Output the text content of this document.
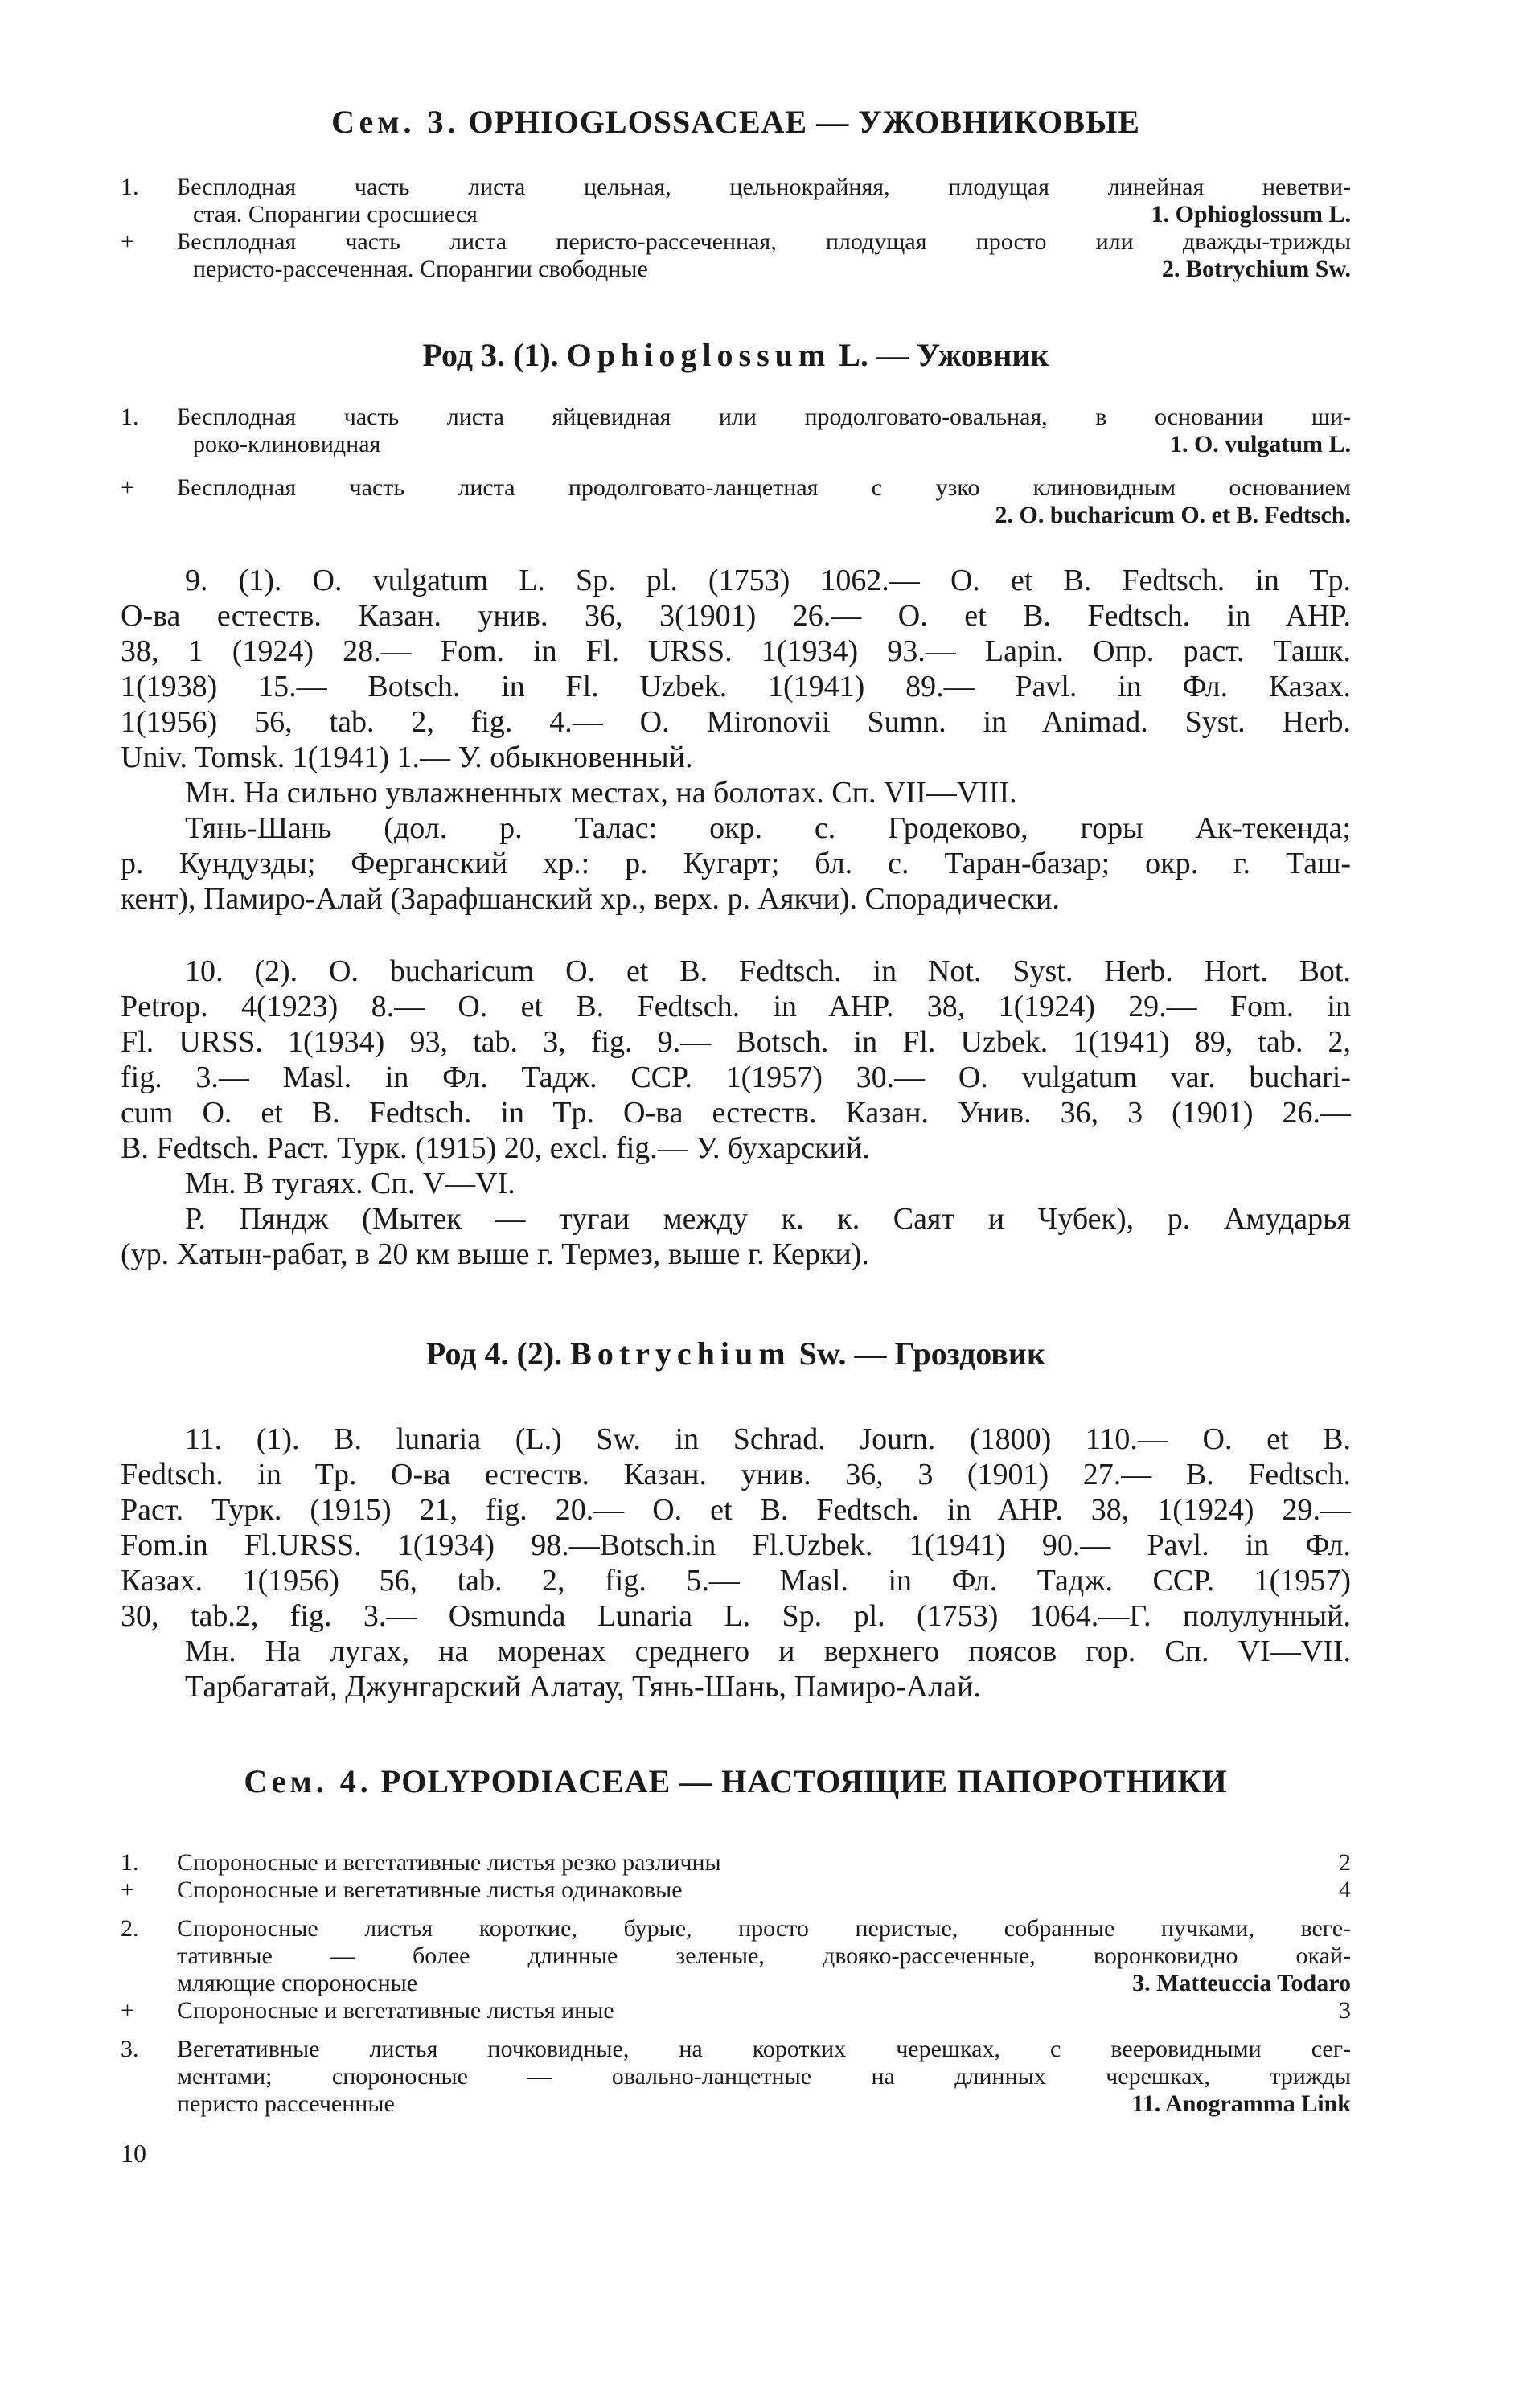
Сем. 3. OPHIOGLOSSACEAE — УЖОВНИКОВЫЕ
1.	Бесплодная часть листа цельная, цельнокрайняя, плодущая линейная неветви-
стая. Спорангии сросшиеся	1. Ophioglossum L.
+	Бесплодная часть листа перисто-рассеченная, плодущая просто или дважды-трижды
перисто-рассеченная. Спорангии свободные	2. Botrychium Sw.
Род 3. (1). Ophioglossum L. — Ужовник
1.	Бесплодная часть листа яйцевидная или продолговато-овальная, в основании ши-
роко-клиновидная	1. O. vulgatum L.
+	Бесплодная часть листа продолговато-ланцетная с узко клиновидным основанием
2. O. bucharicum O. et B. Fedtsch.
9. (1). O. vulgatum L. Sp. pl. (1753) 1062.— O. et B. Fedtsch. in Tp.
O-ва естеств. Казан. унив. 36, 3(1901) 26.— O. et B. Fedtsch. in AHP.
38, 1 (1924) 28.— Fom. in Fl. URSS. 1(1934) 93.— Lapin. Опр. раст. Ташк.
1(1938) 15.— Botsch. in Fl. Uzbek. 1(1941) 89.— Pavl. in Фл. Казах.
1(1956) 56, tab. 2, fig. 4.— O. Mironovii Sumn. in Animad. Syst. Herb.
Univ. Tomsk. 1(1941) 1.— У. обыкновенный.
Мн. На сильно увлажненных местах, на болотах. Сп. VII—VIII.
Тянь-Шань (дол. р. Талас: окр. с. Гродеково, горы Ак-текенда;
р. Кундузды; Ферганский хр.: р. Кугарт; бл. с. Таран-базар; окр. г. Таш-
кент), Памиро-Алай (Зарафшанский хр., верх. р. Аякчи). Спорадически.
10. (2). O. bucharicum O. et B. Fedtsch. in Not. Syst. Herb. Hort. Bot.
Petrop. 4(1923) 8.— O. et B. Fedtsch. in AHP. 38, 1(1924) 29.— Fom. in
Fl. URSS. 1(1934) 93, tab. 3, fig. 9.— Botsch. in Fl. Uzbek. 1(1941) 89, tab. 2,
fig. 3.— Masl. in Фл. Тадж. ССР. 1(1957) 30.— O. vulgatum var. buchari-
cum O. et B. Fedtsch. in Tp. O-ва естеств. Казан. Унив. 36, 3 (1901) 26.—
B. Fedtsch. Раст. Турк. (1915) 20, excl. fig.— У. бухарский.
Мн. В тугаях. Сп. V—VI.
Р. Пяндж (Мытек — тугаи между к. к. Саят и Чубек), р. Амударья
(ур. Хатын-рабат, в 20 км выше г. Термез, выше г. Керки).
Род 4. (2). Botrychium Sw. — Гроздовик
11. (1). B. lunaria (L.) Sw. in Schrad. Journ. (1800) 110.— O. et B.
Fedtsch. in Tp. O-ва естеств. Казан. унив. 36, 3 (1901) 27.— B. Fedtsch.
Раст. Турк. (1915) 21, fig. 20.— O. et B. Fedtsch. in AHP. 38, 1(1924) 29.—
Fom.in Fl.URSS. 1(1934) 98.—Botsch.in Fl.Uzbek. 1(1941) 90.— Pavl. in Фл.
Казах. 1(1956) 56, tab. 2, fig. 5.— Masl. in Фл. Тадж. ССР. 1(1957)
30, tab.2, fig. 3.— Osmunda Lunaria L. Sp. pl. (1753) 1064.—Г. полулунный.
Мн. На лугах, на моренах среднего и верхнего поясов гор. Сп. VI—VII.
Тарбагатай, Джунгарский Алатау, Тянь-Шань, Памиро-Алай.
Сем. 4. POLYPODIACEAE — НАСТОЯЩИЕ ПАПОРОТНИКИ
1.	Спороносные и вегетативные листья резко различны	2
+	Спороносные и вегетативные листья одинаковые	4
2.	Спороносные листья короткие, бурые, просто перистые, собранные пучками, веге-
тативные — более длинные зеленые, двояко-рассеченные, воронковидно окай-
мляющие спороносные	3. Matteuccia Todaro
+	Спороносные и вегетативные листья иные	3
3.	Вегетативные листья почковидные, на коротких черешках, с вееровидными сег-
ментами; спороносные — овально-ланцетные на длинных черешках, трижды
перисто рассеченные	11. Anogramma Link
10
